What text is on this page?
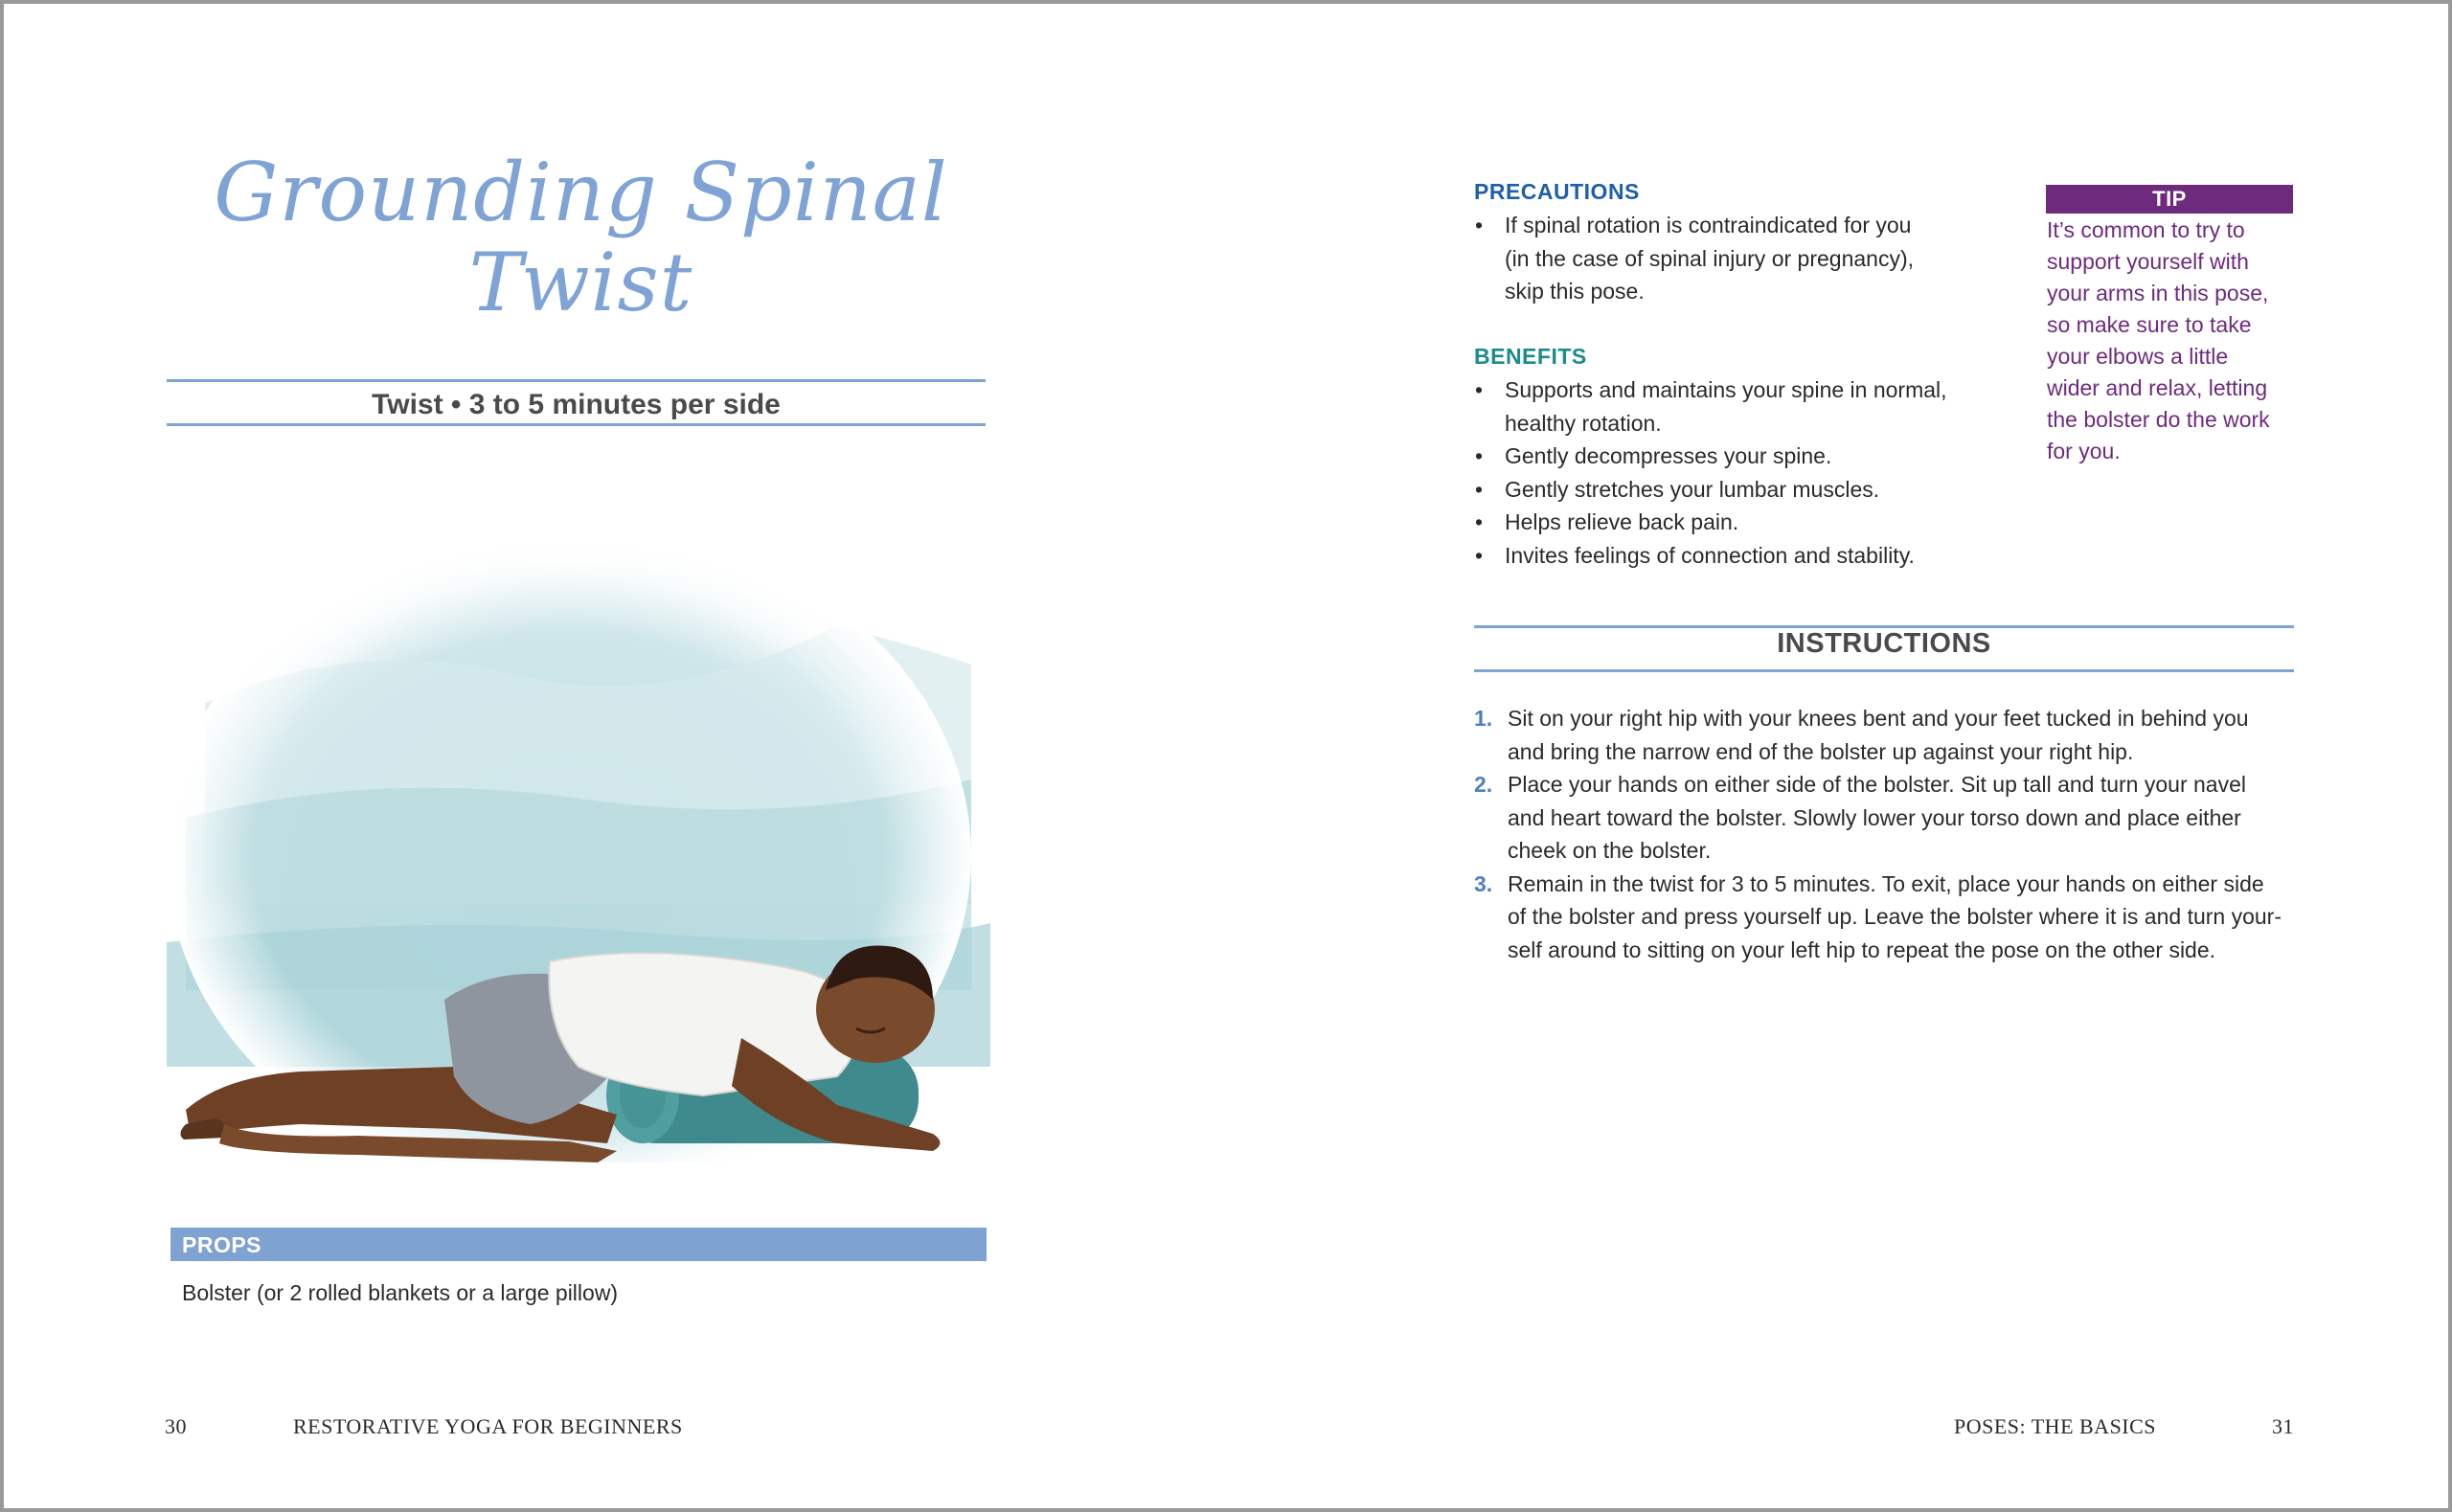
Grounding Spinal
Twist
Twist • 3 to 5 minutes per side
PROPS
Bolster (or 2 rolled blankets or a large pillow)
30	RESTORATIVE YOGA FOR BEGINNERS
PRECAUTIONS
• If spinal rotation is contraindicated for you
(in the case of spinal injury or pregnancy),
skip this pose.
BENEFITS
• Supports and maintains your spine in normal,
healthy rotation.
• Gently decompresses your spine.
• Gently stretches your lumbar muscles.
• Helps relieve back pain.
• Invites feelings of connection and stability.
TIP
It’s common to try to
support yourself with
your arms in this pose,
so make sure to take
your elbows a little
wider and relax, letting
the bolster do the work
for you.
INSTRUCTIONS
1. Sit on your right hip with your knees bent and your feet tucked in behind you
and bring the narrow end of the bolster up against your right hip.
2. Place your hands on either side of the bolster. Sit up tall and turn your navel
and heart toward the bolster. Slowly lower your torso down and place either
cheek on the bolster.
3. Remain in the twist for 3 to 5 minutes. To exit, place your hands on either side
of the bolster and press yourself up. Leave the bolster where it is and turn your-
self around to sitting on your left hip to repeat the pose on the other side.
POSES: THE BASICS	31
